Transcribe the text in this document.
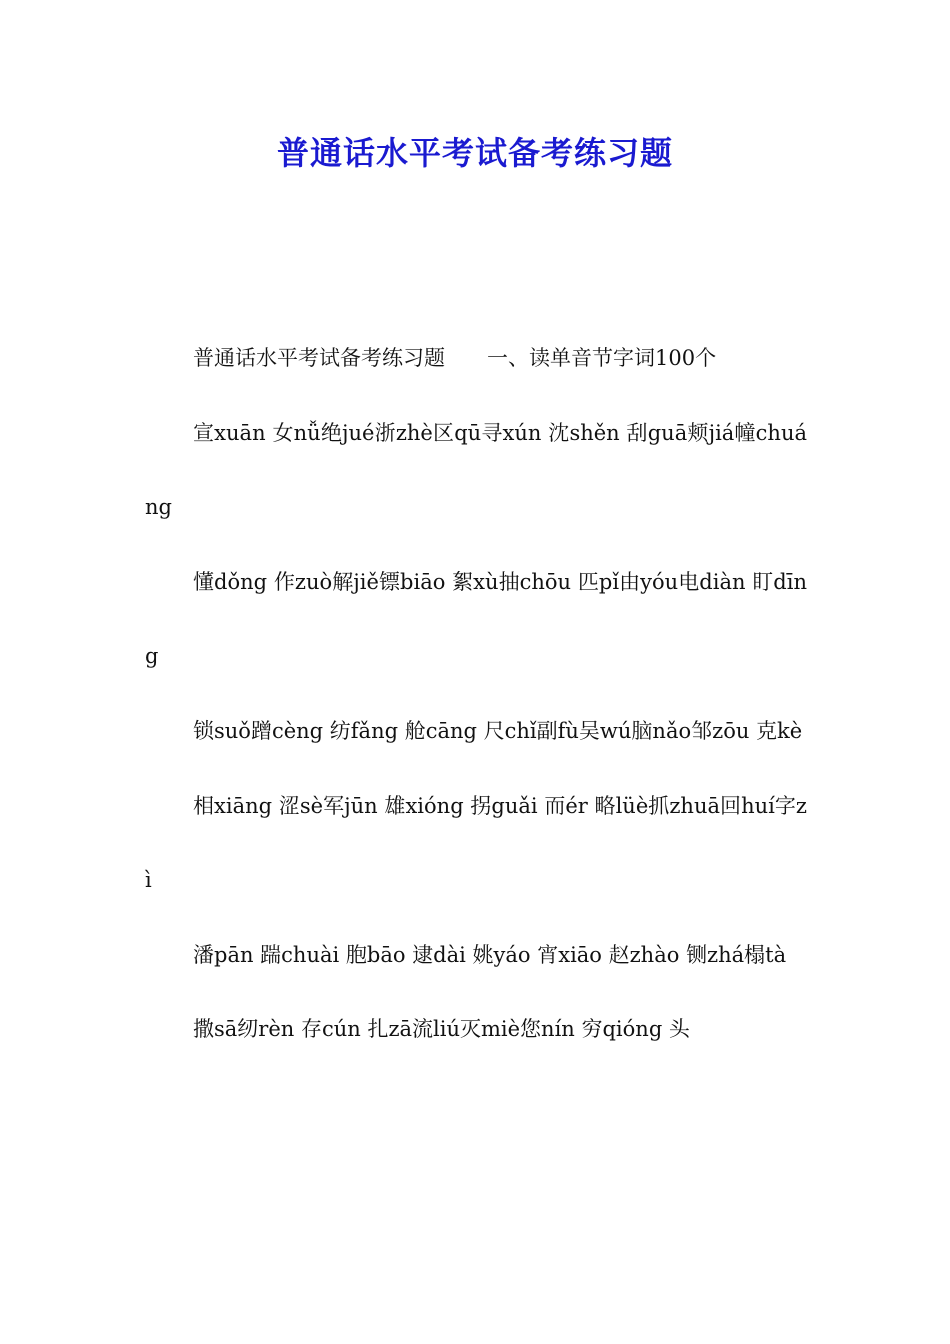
普通话水平考试备考练习题

普通话水平考试备考练习题　　一、读单音节字词100个

宣xuān 女nǚ绝jué浙zhè区qū寻xún 沈shěn 刮guā颊jiá幢chuáng

懂dǒng 作zuò解jiě镖biāo 絮xù抽chōu 匹pǐ由yóu电diàn 盯dīng

锁suǒ蹭cèng 纺fǎng 舱cāng 尺chǐ副fù吴wú脑nǎo邹zōu 克kè

相xiāng 涩sè军jūn 雄xióng 拐guǎi 而ér 略lüè抓zhuā回huí字zì

潘pān 踹chuài 胞bāo 逮dài 姚yáo 宵xiāo 赵zhào 铡zhá榻tà

撒sā纫rèn 存cún 扎zā流liú灭miè您nín 穷qióng 头
